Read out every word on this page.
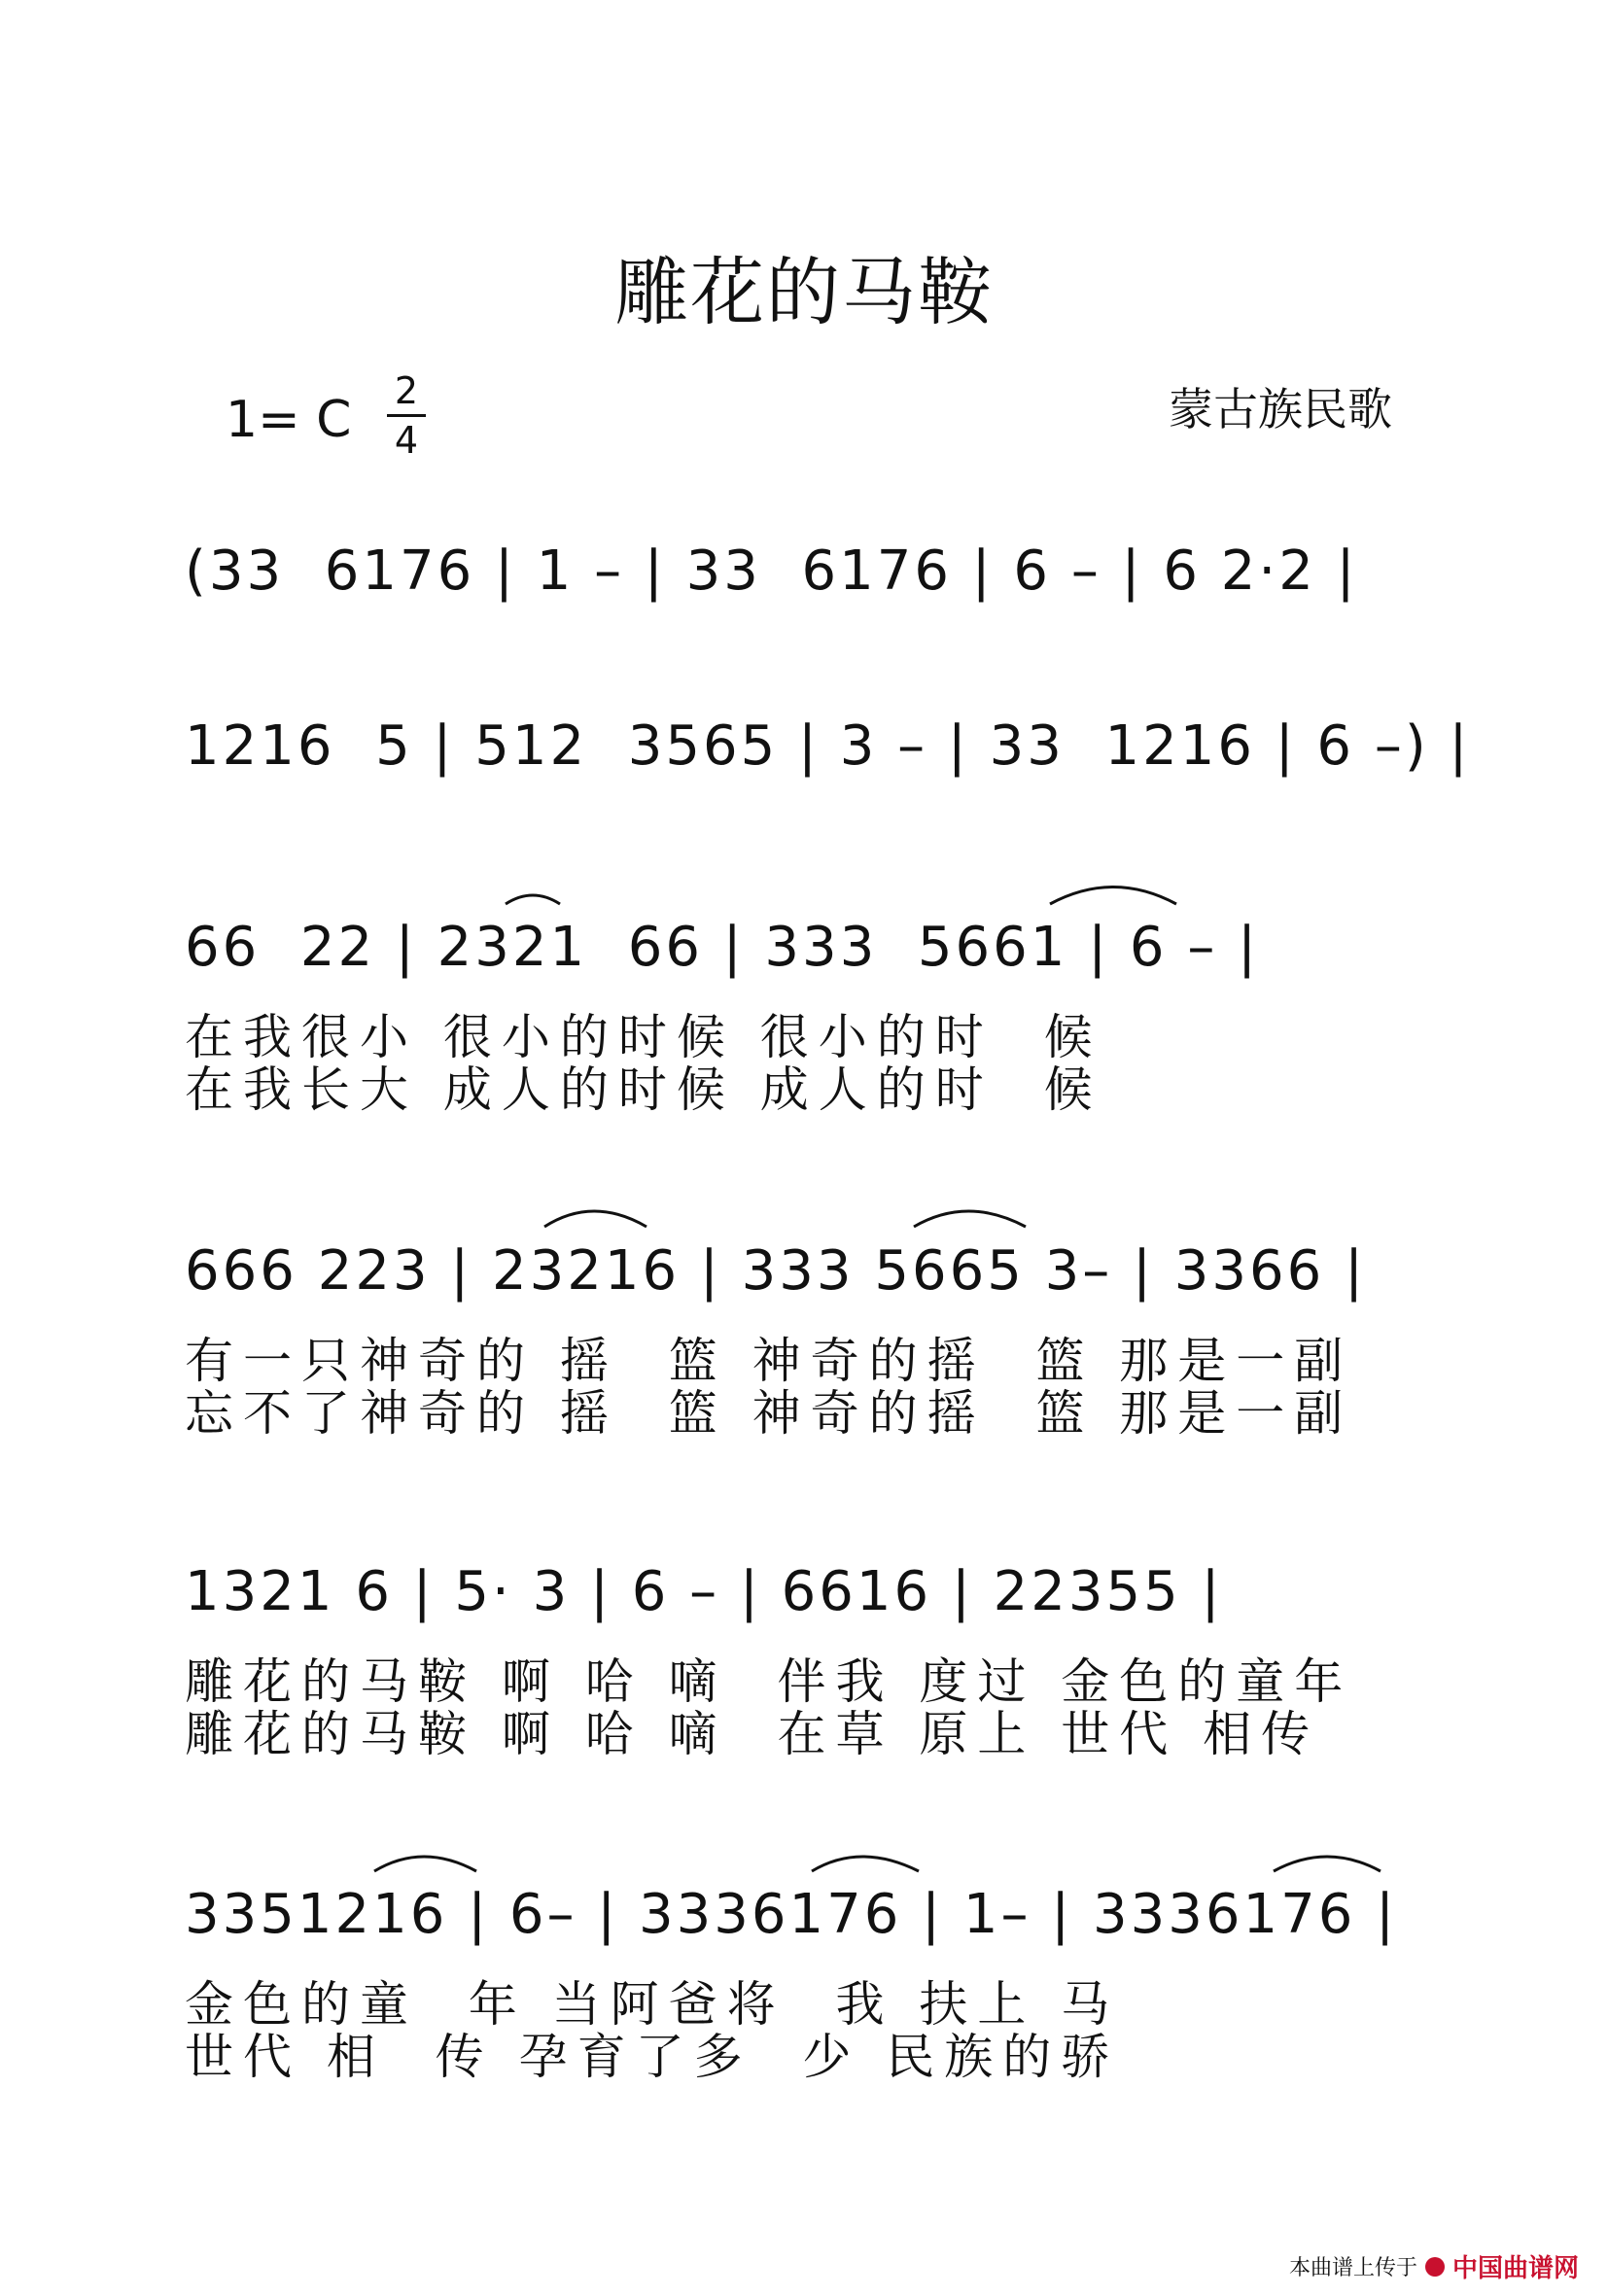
雕花的马鞍
1= C 2
4
蒙古族民歌
(33  6176 | 1 – | 33  6176 | 6 – | 6 2·2 |
1216  5 | 512  3565 | 3 – | 33  1216 | 6 –) |
66  22 | 2321  66 | 333  5661 | 6 – |
在我很小 很小的时候 很小的时  候
在我长大 成人的时候 成人的时  候
666 223 | 23216 | 333 5665 3– | 3366 |
有一只神奇的 摇  篮 神奇的摇  篮 那是一副
忘不了神奇的 摇  篮 神奇的摇  篮 那是一副
1321 6 | 5· 3 | 6 – | 6616 | 22355 |
雕花的马鞍 啊 哈 嘀  伴我 度过 金色的童年
雕花的马鞍 啊 哈 嘀  在草 原上 世代 相传
3351216 | 6– | 3336176 | 1– | 3336176 |
金色的童  年 当阿爸将  我 扶上 马
世代 相  传 孕育了多  少 民族的骄
本曲谱上传于 中国曲谱网
